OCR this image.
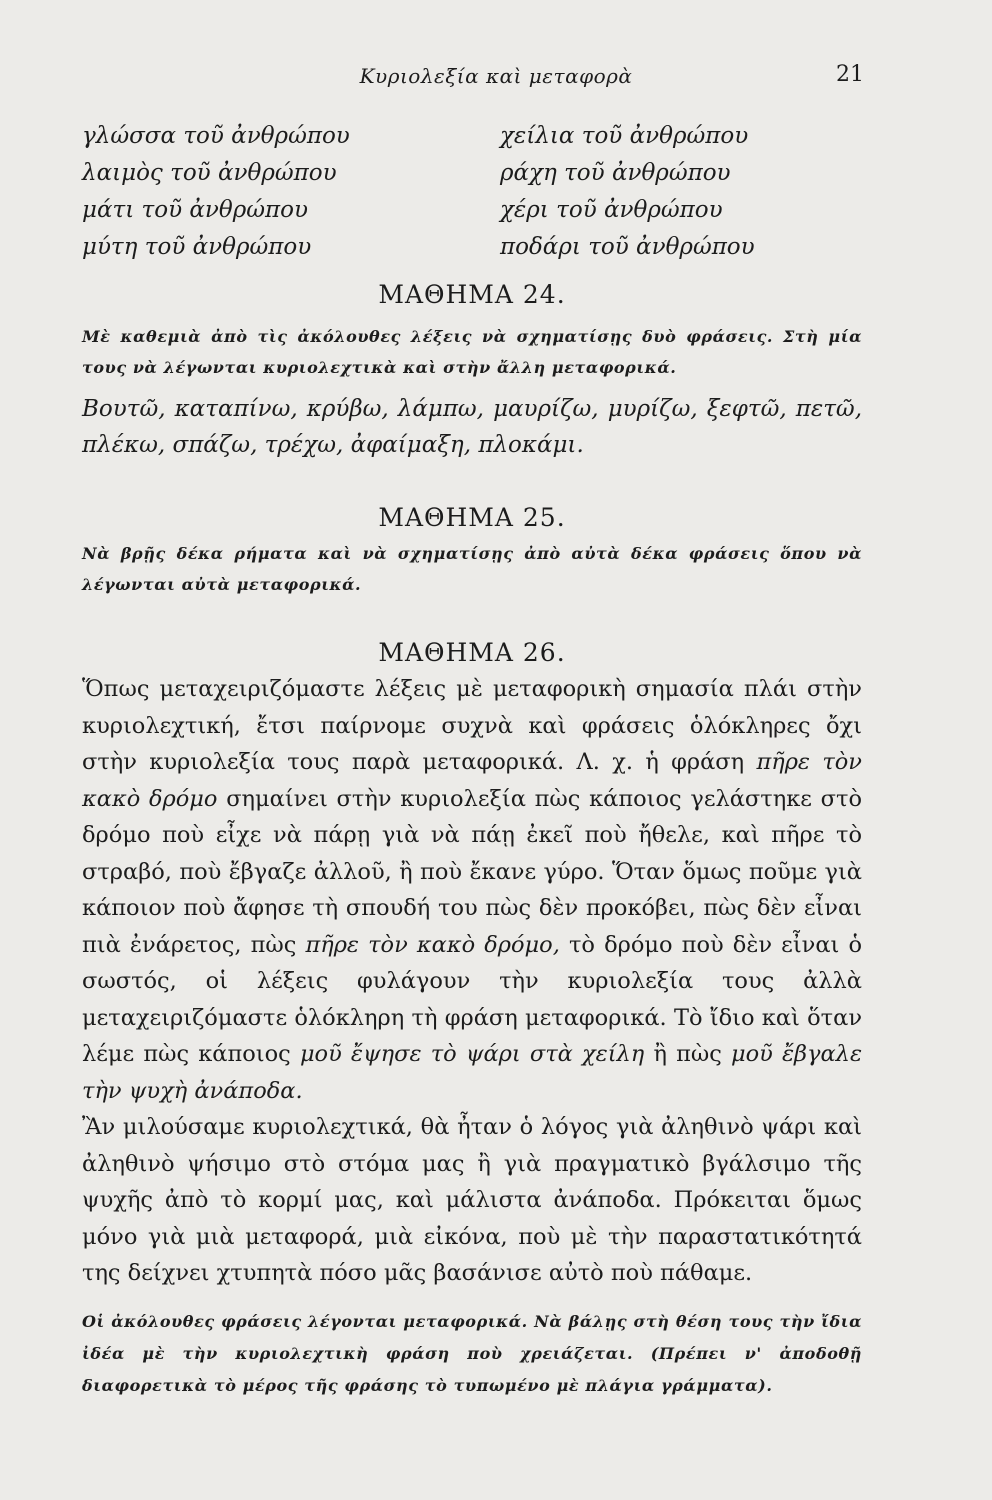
Κυριολεξία καὶ μεταφορὰ	21
γλώσσα τοῦ ἀνθρώπου	χείλια τοῦ ἀνθρώπου
λαιμὸς τοῦ ἀνθρώπου	ράχη τοῦ ἀνθρώπου
μάτι τοῦ ἀνθρώπου	χέρι τοῦ ἀνθρώπου
μύτη τοῦ ἀνθρώπου	ποδάρι τοῦ ἀνθρώπου
ΜΑΘΗΜΑ 24.
Μὲ καθεμιὰ ἀπὸ τὶς ἀκόλουθες λέξεις νὰ σχηματίσῃς δυὸ φράσεις. Στὴ μία τους νὰ λέγωνται κυριολεχτικὰ καὶ στὴν ἄλλη μεταφορικά.
Βουτῶ, καταπίνω, κρύβω, λάμπω, μαυρίζω, μυρίζω, ξεφτῶ, πετῶ, πλέκω, σπάζω, τρέχω, ἀφαίμαξη, πλοκάμι.
ΜΑΘΗΜΑ 25.
Νὰ βρῇς δέκα ρήματα καὶ νὰ σχηματίσῃς ἀπὸ αὐτὰ δέκα φράσεις ὅπου νὰ λέγωνται αὐτὰ μεταφορικά.
ΜΑΘΗΜΑ 26.

Ὅπως μεταχειριζόμαστε λέξεις μὲ μεταφορικὴ σημασία πλάι στὴν κυριολεχτική, ἔτσι παίρνομε συχνὰ καὶ φράσεις ὁλόκληρες ὄχι στὴν κυριολεξία τους παρὰ μεταφορικά. Λ. χ. ἡ φράση πῆρε τὸν κακὸ δρόμο σημαίνει στὴν κυριολεξία πὼς κάποιος γελάστηκε στὸ δρόμο ποὺ εἶχε νὰ πάρῃ γιὰ νὰ πάῃ ἐκεῖ ποὺ ἤθελε, καὶ πῆρε τὸ στραβό, ποὺ ἔβγαζε ἀλλοῦ, ἢ ποὺ ἔκανε γύρο. Ὅταν ὅμως ποῦμε γιὰ κάποιον ποὺ ἄφησε τὴ σπουδή του πὼς δὲν προκόβει, πὼς δὲν εἶναι πιὰ ἐνάρετος, πὼς πῆρε τὸν κακὸ δρόμο, τὸ δρόμο ποὺ δὲν εἶναι ὁ σωστός, οἱ λέξεις φυλάγουν τὴν κυριολεξία τους ἀλλὰ μεταχειριζόμαστε ὁλόκληρη τὴ φράση μεταφορικά. Τὸ ἴδιο καὶ ὅταν λέμε πὼς κάποιος μοῦ ἔψησε τὸ ψάρι στὰ χείλη ἢ πὼς μοῦ ἔβγαλε τὴν ψυχὴ ἀνάποδα.

Ἂν μιλούσαμε κυριολεχτικά, θὰ ἦταν ὁ λόγος γιὰ ἀληθινὸ ψάρι καὶ ἀληθινὸ ψήσιμο στὸ στόμα μας ἢ γιὰ πραγματικὸ βγάλσιμο τῆς ψυχῆς ἀπὸ τὸ κορμί μας, καὶ μάλιστα ἀνάποδα. Πρόκειται ὅμως μόνο γιὰ μιὰ μεταφορά, μιὰ εἰκόνα, ποὺ μὲ τὴν παραστατικότητά της δείχνει χτυπητὰ πόσο μᾶς βασάνισε αὐτὸ ποὺ πάθαμε.

Οἱ ἀκόλουθες φράσεις λέγονται μεταφορικά. Νὰ βάλῃς στὴ θέση τους τὴν ἴδια ἰδέα μὲ τὴν κυριολεχτικὴ φράση ποὺ χρειάζεται. (Πρέπει ν' ἀποδοθῇ διαφορετικὰ τὸ μέρος τῆς φράσης τὸ τυπωμένο μὲ πλάγια γράμματα).
